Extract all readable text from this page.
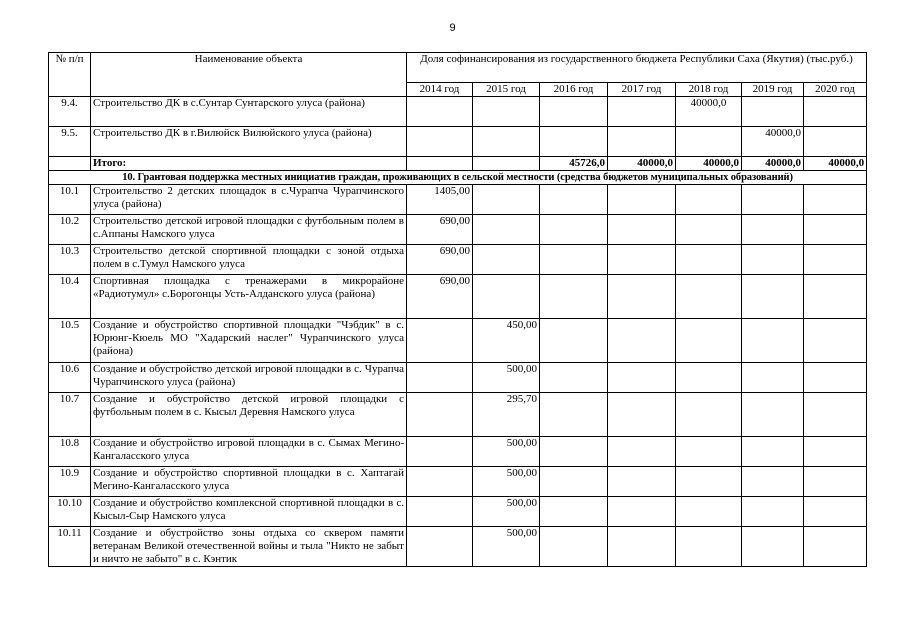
9
№ п/п	Наименование объекта	Доля софинансирования из государственного бюджета Республики Саха (Якутия) (тыс.руб.)						
		2014 год	2015 год	2016 год	2017 год	2018 год	2019 год	2020 год
9.4.	Строительство ДК в с.Сунтар Сунтарского улуса (района)					40000,0		
9.5.	Строительство ДК в г.Вилюйск Вилюйского улуса (района)						40000,0	
	Итого:			45726,0	40000,0	40000,0	40000,0	40000,0
10. Грантовая поддержка местных инициатив граждан, проживающих в сельской местности (средства бюджетов муниципальных образований)								
10.1	Строительство 2 детских площадок в с.Чурапча Чурапчинского улуса (района)	1405,00						
10.2	Строительство детской игровой площадки с футбольным полем в с.Аппаны Намского улуса	690,00						
10.3	Строительство детской спортивной площадки с зоной отдыха полем в с.Тумул Намского улуса	690,00						
10.4	Спортивная площадка с тренажерами в микрорайоне «Радиотумул» с.Борогонцы Усть-Алданского улуса (района)	690,00						
10.5	Создание и обустройство спортивной площадки "Чэбдик" в с. Юрюнг-Кюель МО "Хадарский наслег" Чурапчинского улуса (района)		450,00					
10.6	Создание и обустройство детской игровой площадки в с. Чурапча Чурапчинского улуса (района)		500,00					
10.7	Создание и обустройство детской игровой площадки с футбольным полем в с. Кысыл Деревня Намского улуса		295,70					
10.8	Создание и обустройство игровой площадки в с. Сымах Мегино-Кангаласского улуса		500,00					
10.9	Создание и обустройство спортивной площадки в с. Хаптагай Мегино-Кангаласского улуса		500,00					
10.10	Создание и обустройство комплексной спортивной площадки в с. Кысыл-Сыр Намского улуса		500,00					
10.11	Создание и обустройство зоны отдыха со сквером памяти ветеранам Великой отечественной войны и тыла "Никто не забыт и ничто не забыто" в с. Кэнтик		500,00					
